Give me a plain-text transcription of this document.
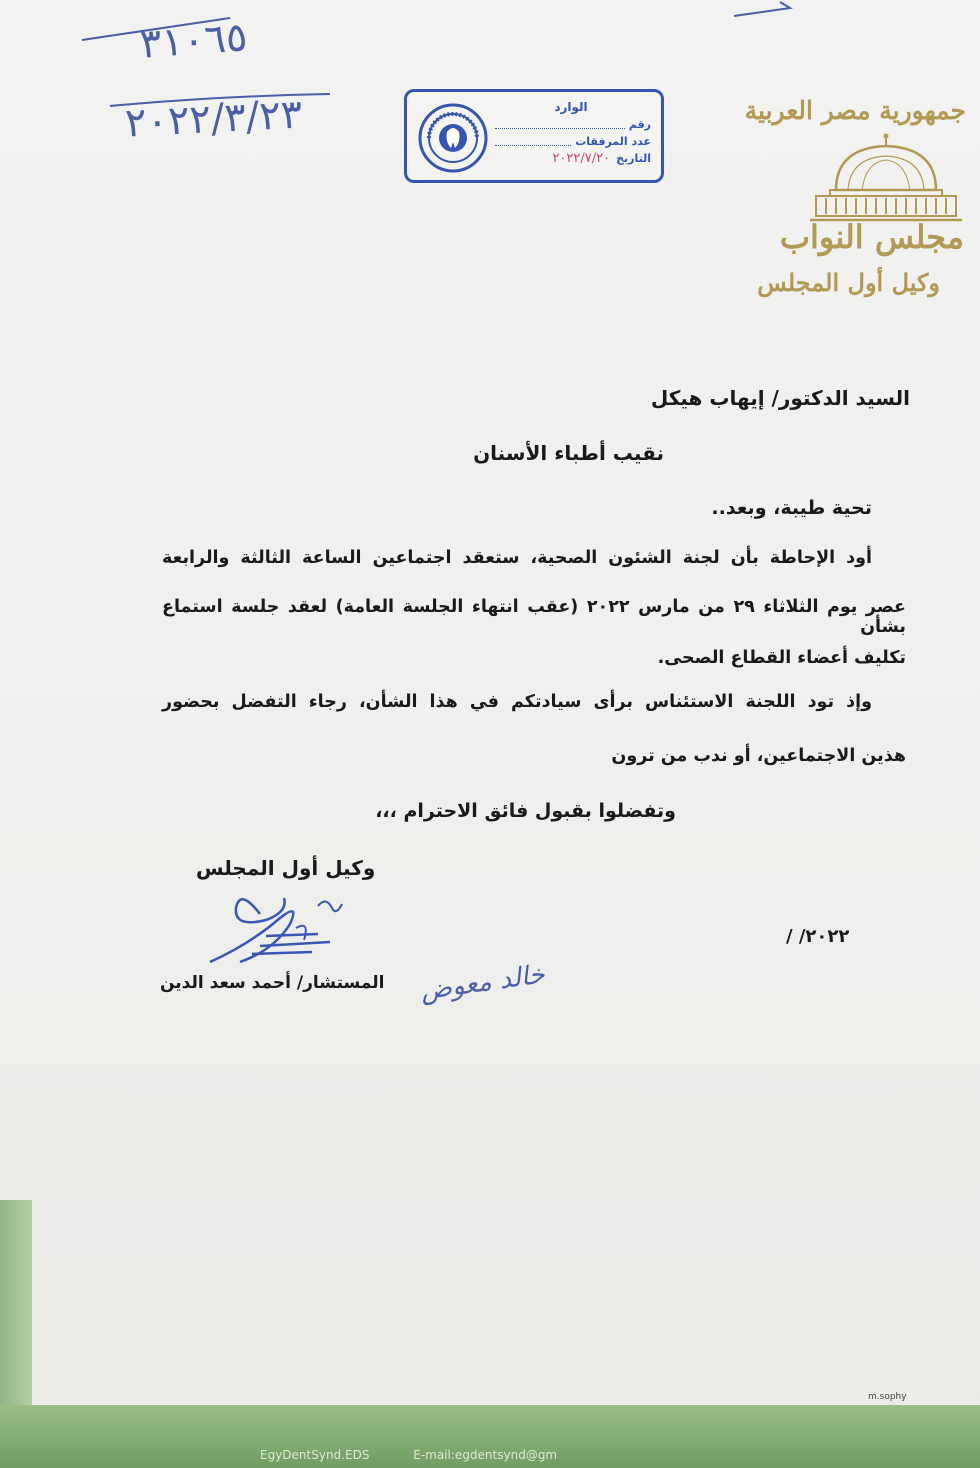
٣١٠٦٥
٢٠٢٢/٣/٢٣	الوارد
رقم
عدد المرفقات
التاريخ
٢٠٢٢/٧/٢٠
جمهورية مصر العربية
مجلس النواب
وكيل أول المجلس
السيد الدكتور/ إيهاب هيكل
نقيب أطباء الأسنان
تحية طيبة، وبعد..
أود الإحاطة بأن لجنة الشئون الصحية، ستعقد اجتماعين الساعة الثالثة والرابعة
عصر يوم الثلاثاء ٢٩ من مارس ٢٠٢٢ (عقب انتهاء الجلسة العامة) لعقد جلسة استماع بشأن
تكليف أعضاء القطاع الصحى.
وإذ تود اللجنة الاستئناس برأى سيادتكم في هذا الشأن، رجاء التفضل بحضور
هذين الاجتماعين، أو ندب من ترون
وتفضلوا بقبول فائق الاحترام ،،،
وكيل أول المجلس
المستشار/ أحمد سعد الدين
/ /٢٠٢٢
خالد معوض
m.sophy
EgyDentSynd.EDS	E-mail:egdentsynd@gm
